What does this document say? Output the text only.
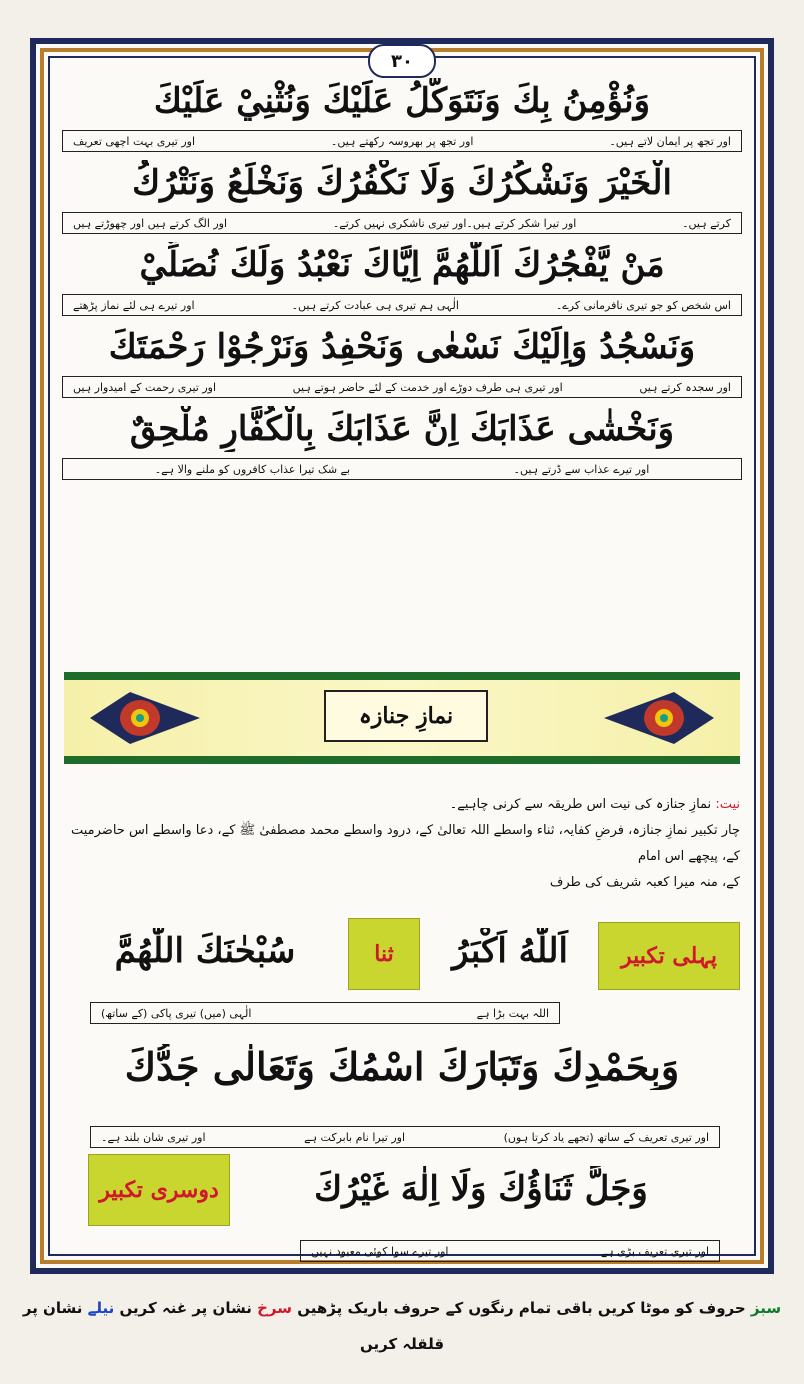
۳۰
وَنُؤْمِنُ بِكَ وَنَتَوَكَّلُ عَلَيْكَ وَنُثْنِيْ عَلَيْكَ
اور تجھ پر ایمان لاتے ہیں۔
اور تجھ پر بھروسہ رکھتے ہیں۔
اور تیری بہت اچھی تعریف
الْخَيْرَ وَنَشْكُرُكَ وَلَا نَكْفُرُكَ وَنَخْلَعُ وَنَتْرُكُ
کرتے ہیں۔
اور تیرا شکر کرتے ہیں۔اور تیری ناشکری نہیں کرتے۔
اور الگ کرتے ہیں اور چھوڑتے ہیں
مَنْ يَّفْجُرُكَ اَللّٰهُمَّ اِيَّاكَ نَعْبُدُ وَلَكَ نُصَلِّيْ
اس شخص کو جو تیری نافرمانی کرے۔
الٰہی ہم تیری ہی عبادت کرتے ہیں۔
اور تیرے ہی لئے نماز پڑھتے
وَنَسْجُدُ وَاِلَيْكَ نَسْعٰى وَنَحْفِدُ وَنَرْجُوْا رَحْمَتَكَ
اور سجدہ کرتے ہیں
اور تیری ہی طرف دوڑے اور خدمت کے لئے حاضر ہوتے ہیں
اور تیری رحمت کے امیدوار ہیں
وَنَخْشٰى عَذَابَكَ اِنَّ عَذَابَكَ بِالْكُفَّارِ مُلْحِقٌ
اور تیرے عذاب سے ڈرتے ہیں۔
بے شک تیرا عذاب کافروں کو ملنے والا ہے۔
نمازِ جنازہ
نیت: نمازِ جنازہ کی نیت اس طریقہ سے کرنی چاہیے۔
چار تکبیر نمازِ جنازہ، فرضِ کفایہ، ثناء واسطے اللہ تعالیٰ کے، درود واسطے محمد مصطفیٰ ﷺ کے، دعا واسطے اس حاضرمیت کے، پیچھے اس امام
کے، منہ میرا کعبہ شریف کی طرف
پہلی تکبیر
اَللّٰهُ اَكْبَرُ
ثنا
سُبْحٰنَكَ اللّٰهُمَّ
اللہ بہت بڑا ہے
الٰہی (میں) تیری پاکی (کے ساتھ)
وَبِحَمْدِكَ وَتَبَارَكَ اسْمُكَ وَتَعَالٰى جَدُّكَ
اور تیری تعریف کے ساتھ (تجھے یاد کرتا ہوں)
اور تیرا نام بابرکت ہے
اور تیری شان بلند ہے۔
دوسری تکبیر	وَجَلَّ ثَنَاؤُكَ وَلَا اِلٰهَ غَيْرُكَ
اور تیری تعریف بڑی ہے
اور تیرے سوا کوئی معبود نہیں
سبز حروف کو موٹا کریں باقی تمام رنگوں کے حروف باریک پڑھیں سرخ نشان پر غنہ کریں نیلے نشان پر قلقلہ کریں
